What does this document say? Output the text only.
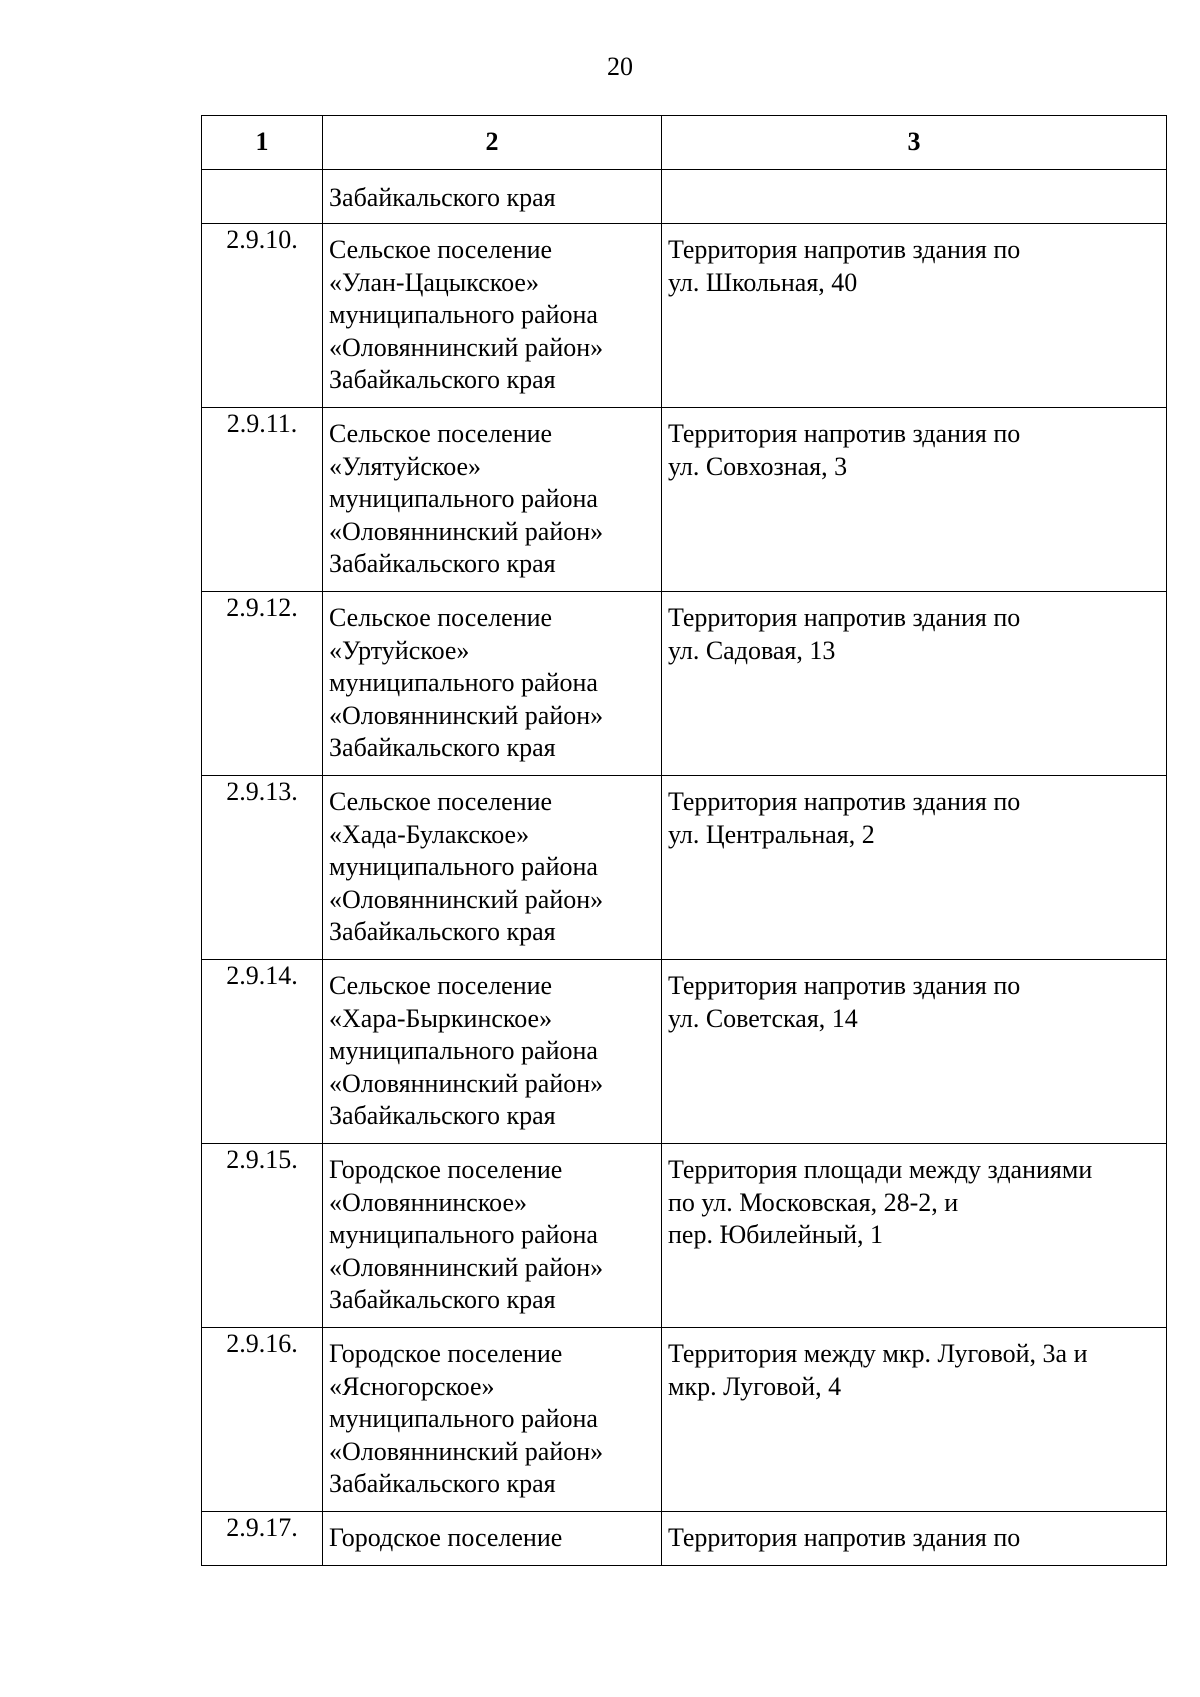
20
1	2	3

	Забайкальского края	

2.9.10.	Сельское поселение
«Улан-Цацыкское»
муниципального района
«Оловяннинский район»
Забайкальского края	Территория напротив здания по
ул. Школьная, 40

2.9.11.	Сельское поселение
«Улятуйское»
муниципального района
«Оловяннинский район»
Забайкальского края	Территория напротив здания по
ул. Совхозная, 3

2.9.12.	Сельское поселение
«Уртуйское»
муниципального района
«Оловяннинский район»
Забайкальского края	Территория напротив здания по
ул. Садовая, 13

2.9.13.	Сельское поселение
«Хада-Булакское»
муниципального района
«Оловяннинский район»
Забайкальского края	Территория напротив здания по
ул. Центральная, 2

2.9.14.	Сельское поселение
«Хара-Быркинское»
муниципального района
«Оловяннинский район»
Забайкальского края	Территория напротив здания по
ул. Советская, 14

2.9.15.	Городское поселение
«Оловяннинское»
муниципального района
«Оловяннинский район»
Забайкальского края	Территория площади между зданиями
по ул. Московская, 28-2, и
пер. Юбилейный, 1

2.9.16.	Городское поселение
«Ясногорское»
муниципального района
«Оловяннинский район»
Забайкальского края	Территория между мкр. Луговой, 3а и
мкр. Луговой, 4

2.9.17.	Городское поселение	Территория напротив здания по
